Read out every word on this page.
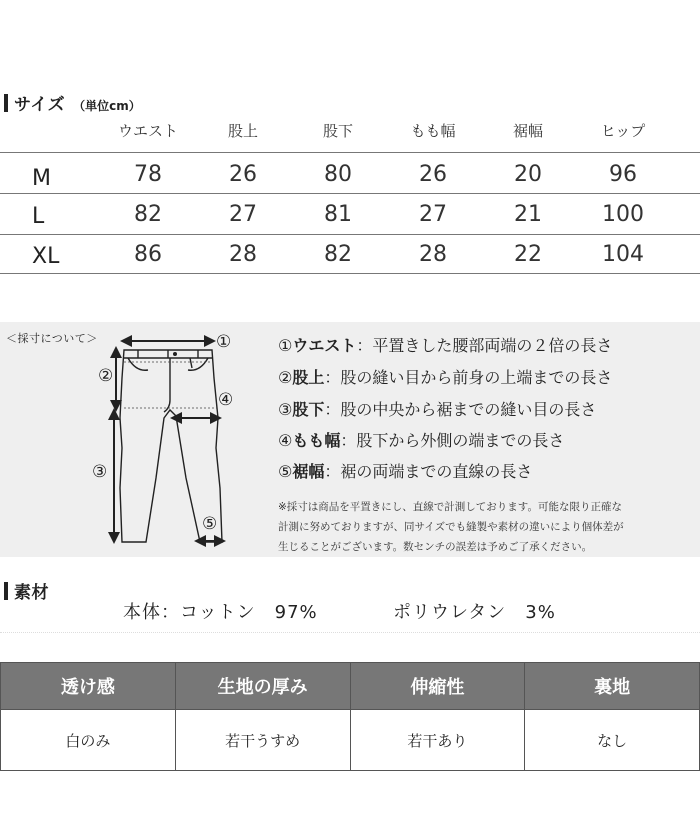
サイズ （単位cm）
ウエスト	股上	股下	もも幅	裾幅	ヒップ
M	78	26	80	26	20	96
L	82	27	81	27	21	100
XL	86	28	82	28	22	104
＜採寸について＞	①
②
④
③
⑤
①ウエスト：平置きした腰部両端の２倍の長さ
②股上：股の縫い目から前身の上端までの長さ
③股下：股の中央から裾までの縫い目の長さ
④もも幅：股下から外側の端までの長さ
⑤裾幅：裾の両端までの直線の長さ
※採寸は商品を平置きにし、直線で計測しております。可能な限り正確な
計測に努めておりますが、同サイズでも縫製や素材の違いにより個体差が
生じることがございます。数センチの誤差は予めご了承ください。
素材
本体：コットン　97%	ポリウレタン　3%
透け感	生地の厚み	伸縮性	裏地
白のみ	若干うすめ	若干あり	なし
